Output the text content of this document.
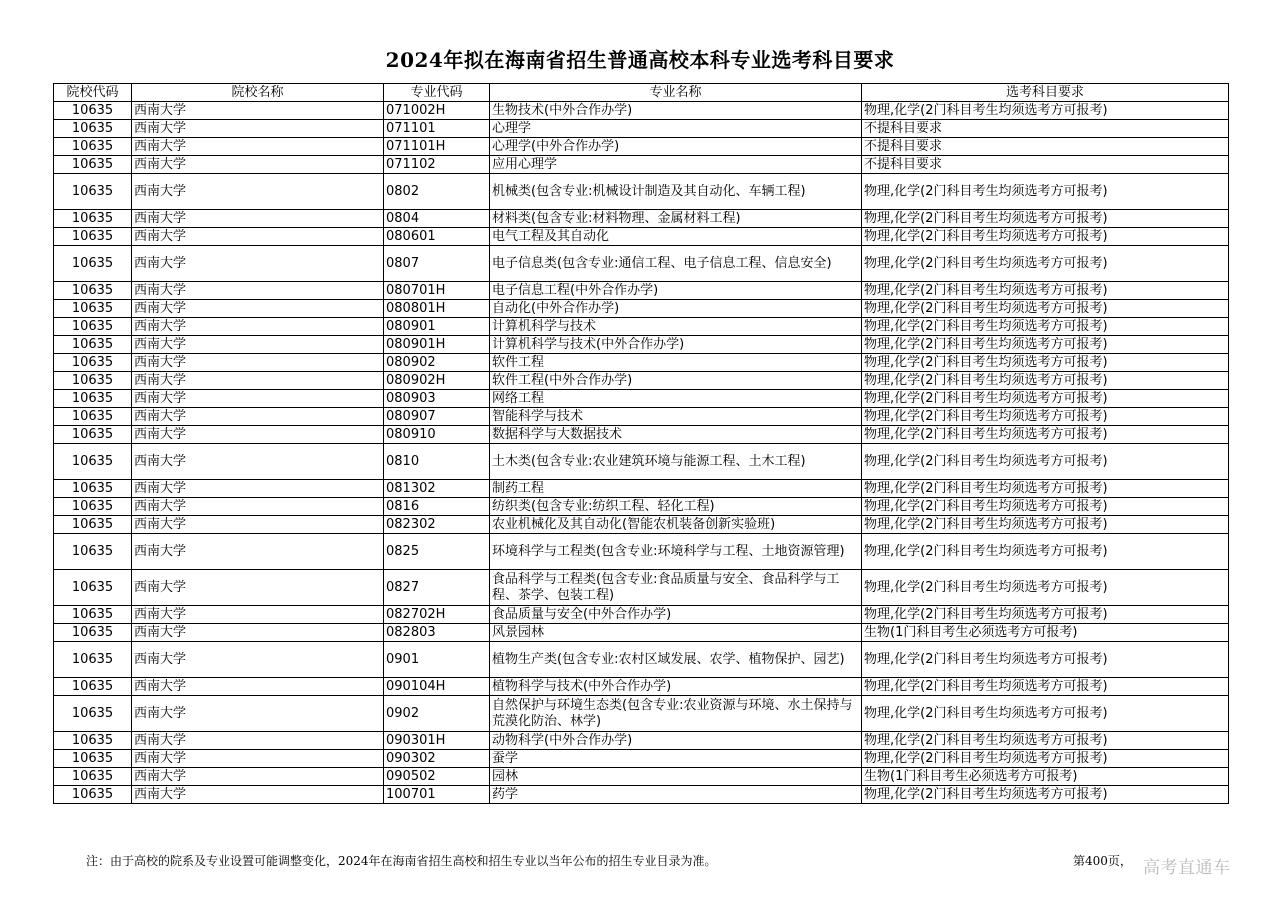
2024年拟在海南省招生普通高校本科专业选考科目要求
院校代码	院校名称	专业代码	专业名称	选考科目要求
10635	西南大学	071002H	生物技术(中外合作办学)	物理,化学(2门科目考生均须选考方可报考)
10635	西南大学	071101	心理学	不提科目要求
10635	西南大学	071101H	心理学(中外合作办学)	不提科目要求
10635	西南大学	071102	应用心理学	不提科目要求
10635	西南大学	0802	机械类(包含专业:机械设计制造及其自动化、车辆工程)	物理,化学(2门科目考生均须选考方可报考)
10635	西南大学	0804	材料类(包含专业:材料物理、金属材料工程)	物理,化学(2门科目考生均须选考方可报考)
10635	西南大学	080601	电气工程及其自动化	物理,化学(2门科目考生均须选考方可报考)
10635	西南大学	0807	电子信息类(包含专业:通信工程、电子信息工程、信息安全)	物理,化学(2门科目考生均须选考方可报考)
10635	西南大学	080701H	电子信息工程(中外合作办学)	物理,化学(2门科目考生均须选考方可报考)
10635	西南大学	080801H	自动化(中外合作办学)	物理,化学(2门科目考生均须选考方可报考)
10635	西南大学	080901	计算机科学与技术	物理,化学(2门科目考生均须选考方可报考)
10635	西南大学	080901H	计算机科学与技术(中外合作办学)	物理,化学(2门科目考生均须选考方可报考)
10635	西南大学	080902	软件工程	物理,化学(2门科目考生均须选考方可报考)
10635	西南大学	080902H	软件工程(中外合作办学)	物理,化学(2门科目考生均须选考方可报考)
10635	西南大学	080903	网络工程	物理,化学(2门科目考生均须选考方可报考)
10635	西南大学	080907	智能科学与技术	物理,化学(2门科目考生均须选考方可报考)
10635	西南大学	080910	数据科学与大数据技术	物理,化学(2门科目考生均须选考方可报考)
10635	西南大学	0810	土木类(包含专业:农业建筑环境与能源工程、土木工程)	物理,化学(2门科目考生均须选考方可报考)
10635	西南大学	081302	制药工程	物理,化学(2门科目考生均须选考方可报考)
10635	西南大学	0816	纺织类(包含专业:纺织工程、轻化工程)	物理,化学(2门科目考生均须选考方可报考)
10635	西南大学	082302	农业机械化及其自动化(智能农机装备创新实验班)	物理,化学(2门科目考生均须选考方可报考)
10635	西南大学	0825	环境科学与工程类(包含专业:环境科学与工程、土地资源管理)	物理,化学(2门科目考生均须选考方可报考)
10635	西南大学	0827	食品科学与工程类(包含专业:食品质量与安全、食品科学与工程、茶学、包装工程)	物理,化学(2门科目考生均须选考方可报考)
10635	西南大学	082702H	食品质量与安全(中外合作办学)	物理,化学(2门科目考生均须选考方可报考)
10635	西南大学	082803	风景园林	生物(1门科目考生必须选考方可报考)
10635	西南大学	0901	植物生产类(包含专业:农村区域发展、农学、植物保护、园艺)	物理,化学(2门科目考生均须选考方可报考)
10635	西南大学	090104H	植物科学与技术(中外合作办学)	物理,化学(2门科目考生均须选考方可报考)
10635	西南大学	0902	自然保护与环境生态类(包含专业:农业资源与环境、水土保持与荒漠化防治、林学)	物理,化学(2门科目考生均须选考方可报考)
10635	西南大学	090301H	动物科学(中外合作办学)	物理,化学(2门科目考生均须选考方可报考)
10635	西南大学	090302	蚕学	物理,化学(2门科目考生均须选考方可报考)
10635	西南大学	090502	园林	生物(1门科目考生必须选考方可报考)
10635	西南大学	100701	药学	物理,化学(2门科目考生均须选考方可报考)
注：由于高校的院系及专业设置可能调整变化，2024年在海南省招生高校和招生专业以当年公布的招生专业目录为准。	第400页， 高考直通车
